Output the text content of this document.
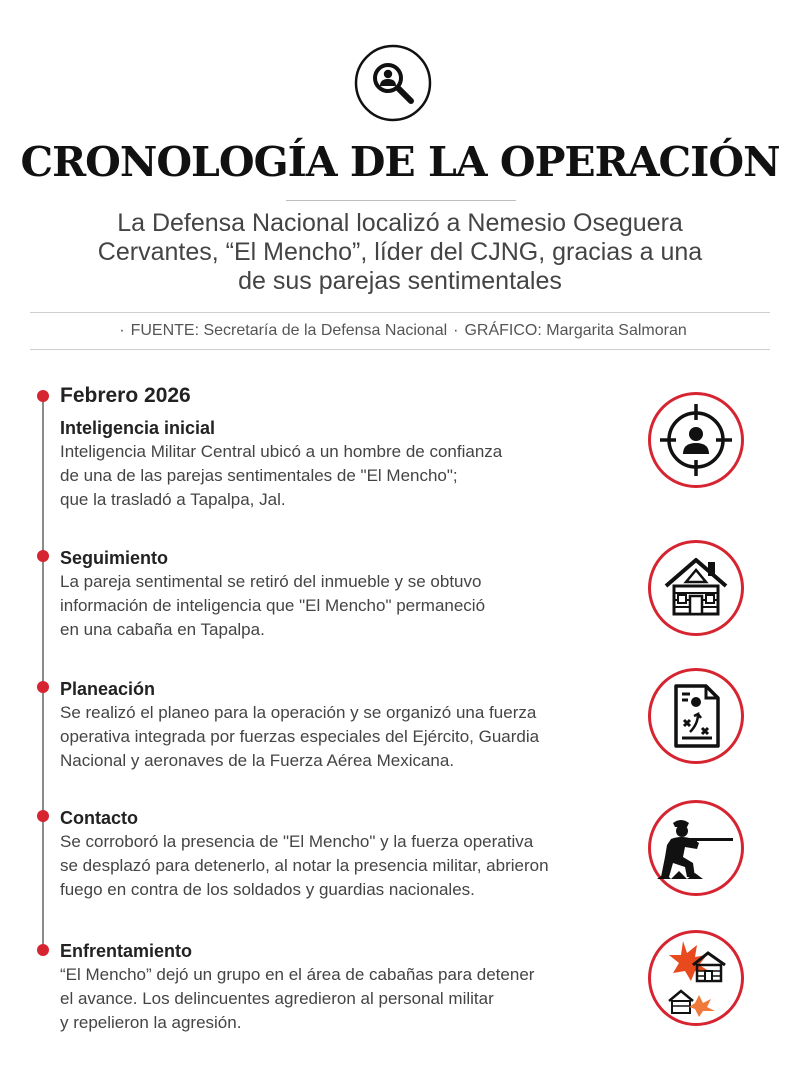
CRONOLOGÍA DE LA OPERACIÓN
La Defensa Nacional localizó a Nemesio Oseguera
Cervantes, “El Mencho”, líder del CJNG, gracias a una
de sus parejas sentimentales
· FUENTE: Secretaría de la Defensa Nacional · GRÁFICO: Margarita Salmoran
Febrero 2026
Inteligencia inicial

Inteligencia Militar Central ubicó a un hombre de confianza
de una de las parejas sentimentales de "El Mencho";
que la trasladó a Tapalpa, Jal.

Seguimiento

La pareja sentimental se retiró del inmueble y se obtuvo
información de inteligencia que "El Mencho" permaneció
en una cabaña en Tapalpa.

Planeación

Se realizó el planeo para la operación y se organizó una fuerza
operativa integrada por fuerzas especiales del Ejército, Guardia
Nacional y aeronaves de la Fuerza Aérea Mexicana.

Contacto

Se corroboró la presencia de "El Mencho" y la fuerza operativa
se desplazó para detenerlo, al notar la presencia militar, abrieron
fuego en contra de los soldados y guardias nacionales.

Enfrentamiento

“El Mencho” dejó un grupo en el área de cabañas para detener
el avance. Los delincuentes agredieron al personal militar
y repelieron la agresión.
